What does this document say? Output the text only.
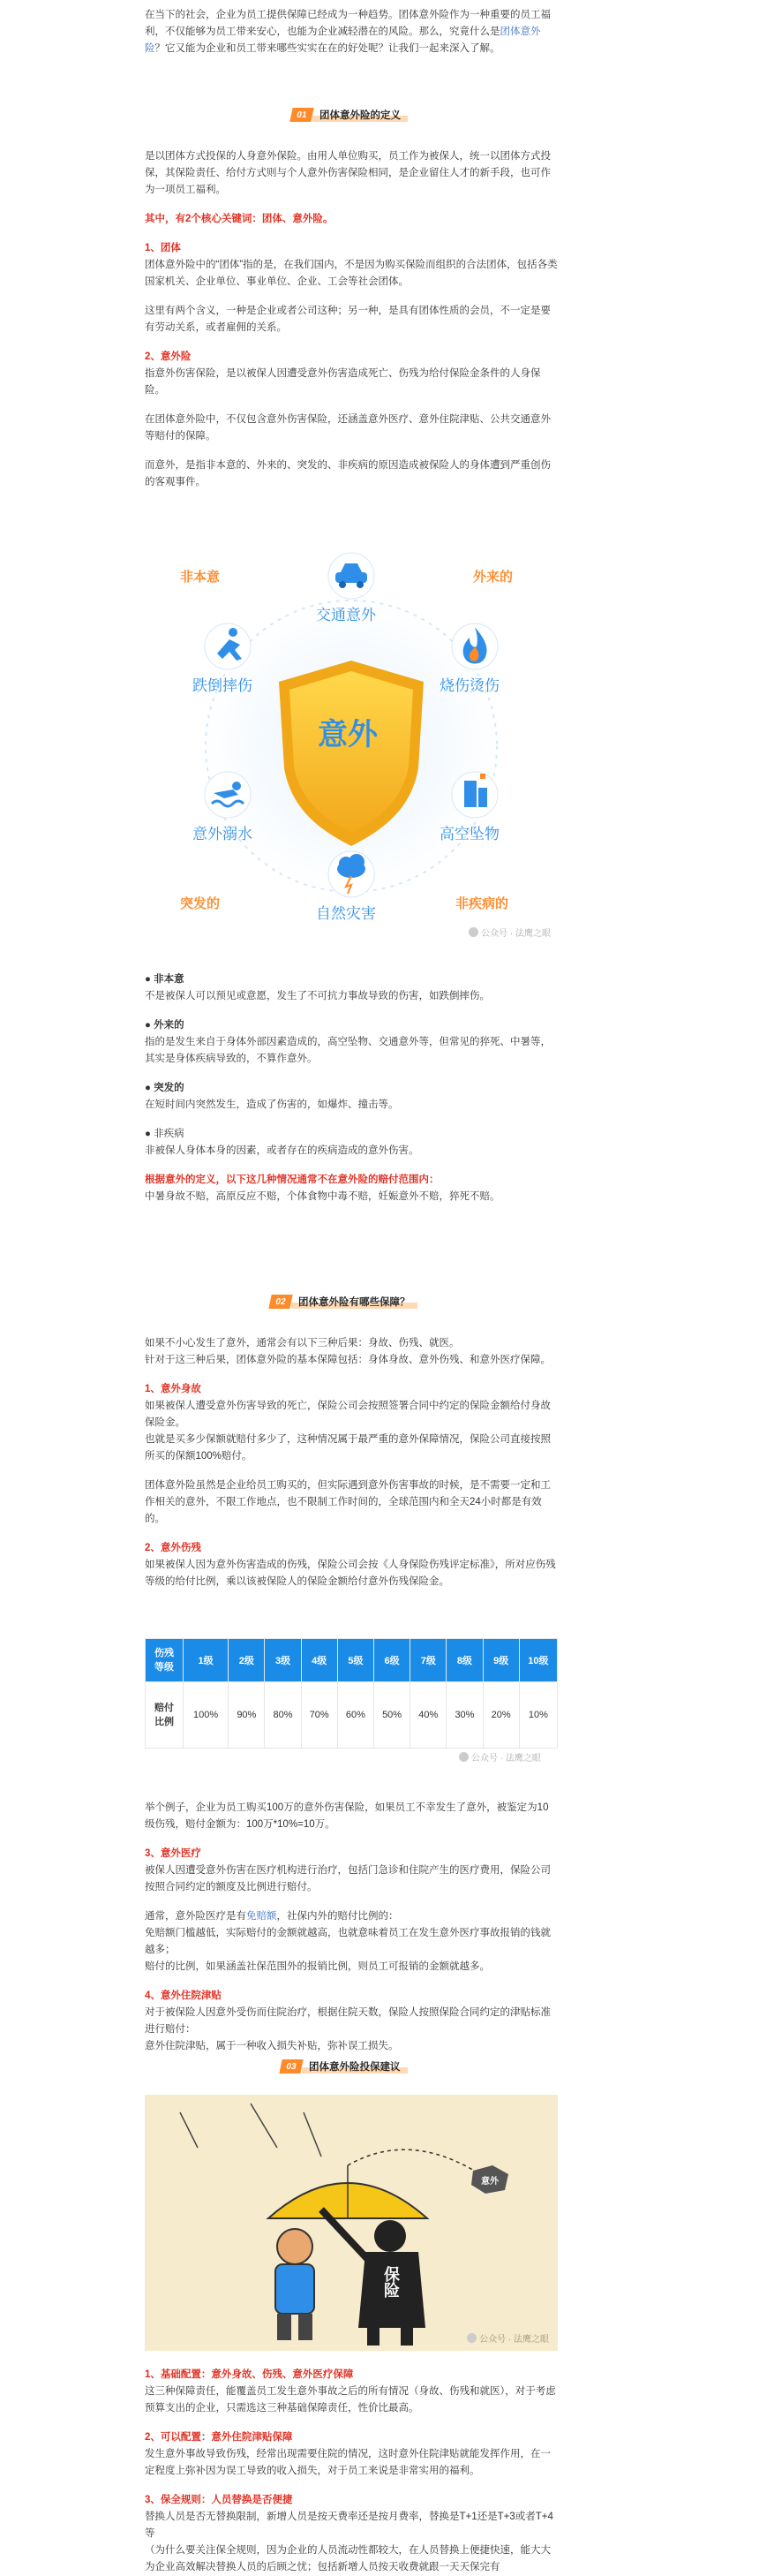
在当下的社会，企业为员工提供保障已经成为一种趋势。团体意外险作为一种重要的员工福利，不仅能够为员工带来安心，也能为企业减轻潜在的风险。那么，究竟什么是团体意外险？它又能为企业和员工带来哪些实实在在的好处呢？让我们一起来深入了解。

01	团体意外险的定义

是以团体方式投保的人身意外保险。由用人单位购买，员工作为被保人，统一以团体方式投保，其保险责任、给付方式则与个人意外伤害保险相同，是企业留住人才的新手段，也可作为一项员工福利。

其中，有2个核心关键词：团体、意外险。

1、团体

团体意外险中的“团体”指的是，在我们国内，不是因为购买保险而组织的合法团体，包括各类国家机关、企业单位、事业单位、企业、工会等社会团体。

这里有两个含义，一种是企业或者公司这种；另一种，是具有团体性质的会员，不一定是要有劳动关系，或者雇佣的关系。

2、意外险

指意外伤害保险，是以被保人因遭受意外伤害造成死亡、伤残为给付保险金条件的人身保险。

在团体意外险中，不仅包含意外伤害保险，还涵盖意外医疗、意外住院津贴、公共交通意外等赔付的保障。

而意外，是指非本意的、外来的、突发的、非疾病的原因造成被保险人的身体遭到严重创伤的客观事件。

意外
非本意	外来的
突发的	非疾病的
交通意外
跌倒摔伤	烧伤烫伤
意外溺水	高空坠物
自然灾害
公众号 · 法鹰之眼

● 非本意

不是被保人可以预见或意愿，发生了不可抗力事故导致的伤害，如跌倒摔伤。

● 外来的

指的是发生来自于身体外部因素造成的，高空坠物、交通意外等，但常见的猝死、中暑等，其实是身体疾病导致的，不算作意外。

● 突发的

在短时间内突然发生，造成了伤害的，如爆炸、撞击等。

● 非疾病

非被保人身体本身的因素，或者存在的疾病造成的意外伤害。

根据意外的定义，以下这几种情况通常不在意外险的赔付范围内：

中暑身故不赔，高原反应不赔，个体食物中毒不赔，妊娠意外不赔，猝死不赔。

02	团体意外险有哪些保障？

如果不小心发生了意外，通常会有以下三种后果：身故、伤残、就医。

针对于这三种后果，团体意外险的基本保障包括：身体身故、意外伤残、和意外医疗保障。

1、意外身故

如果被保人遭受意外伤害导致的死亡，保险公司会按照签署合同中约定的保险金额给付身故保险金。

也就是买多少保额就赔付多少了，这种情况属于最严重的意外保障情况，保险公司直接按照所买的保额100%赔付。

团体意外险虽然是企业给员工购买的，但实际遇到意外伤害事故的时候，是不需要一定和工作相关的意外，不限工作地点，也不限制工作时间的，全球范围内和全天24小时都是有效的。

2、意外伤残

如果被保人因为意外伤害造成的伤残，保险公司会按《人身保险伤残评定标准》，所对应伤残等级的给付比例，乘以该被保险人的保险金额给付意外伤残保险金。

伤残
等级	1级	2级	3级	4级	5级	6级	7级	8级	9级	10级
赔付
比例	100%	90%	80%	70%	60%	50%	40%	30%	20%	10%
公众号 · 法鹰之眼

举个例子，企业为员工购买100万的意外伤害保险，如果员工不幸发生了意外，被鉴定为10级伤残，赔付金额为：100万*10%=10万。

3、意外医疗

被保人因遭受意外伤害在医疗机构进行治疗，包括门急诊和住院产生的医疗费用，保险公司按照合同约定的额度及比例进行赔付。

通常，意外险医疗是有免赔额，社保内外的赔付比例的：

免赔额门槛越低，实际赔付的金额就越高，也就意味着员工在发生意外医疗事故报销的钱就越多；

赔付的比例，如果涵盖社保范围外的报销比例，则员工可报销的金额就越多。

4、意外住院津贴

对于被保险人因意外受伤而住院治疗，根据住院天数，保险人按照保险合同约定的津贴标准进行赔付：

意外住院津贴，属于一种收入损失补贴，弥补误工损失。

03	团体意外险投保建议
意外
保险
公众号 · 法鹰之眼

1、基础配置：意外身故、伤残、意外医疗保障

这三种保障责任，能覆盖员工发生意外事故之后的所有情况（身故、伤残和就医），对于考虑预算支出的企业，只需选这三种基础保障责任，性价比最高。

2、可以配置：意外住院津贴保障

发生意外事故导致伤残，经常出现需要住院的情况，这时意外住院津贴就能发挥作用，在一定程度上弥补因为误工导致的收入损失，对于员工来说是非常实用的福利。

3、保全规则：人员替换是否便捷

替换人员是否无替换限制，新增人员是按天费率还是按月费率，替换是T+1还是T+3或者T+4等

（为什么要关注保全规则，因为企业的人员流动性都较大，在人员替换上便捷快速，能大大为企业高效解决替换人员的后顾之忧；包括新增人员按天收费就跟一天天保完有
